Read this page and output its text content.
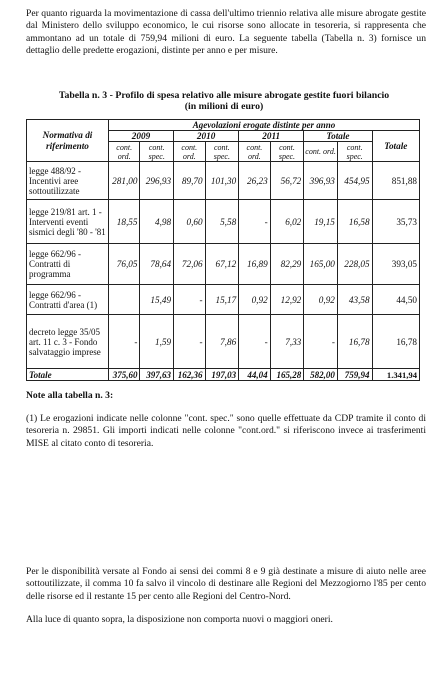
Per quanto riguarda la movimentazione di cassa dell'ultimo triennio relativa alle misure abrogate gestite dal Ministero dello sviluppo economico, le cui risorse sono allocate in tesoreria, si rappresenta che ammontano ad un totale di 759,94 milioni di euro. La seguente tabella (Tabella n. 3) fornisce un dettaglio delle predette erogazioni, distinte per anno e per misure.
Tabella n. 3 - Profilo di spesa relativo alle misure abrogate gestite fuori bilancio
(in milioni di euro)
Normativa di riferimento	Agevolazioni erogate distinte per anno								
	2009		2010		2011		Totale		Totale
	cont. ord.	cont. spec.	cont. ord.	cont. spec.	cont. ord.	cont. spec.	cont. ord.	cont. spec.	
legge 488/92 - Incentivi aree sottoutilizzate	281,00	296,93	89,70	101,30	26,23	56,72	396,93	454,95	851,88
legge 219/81 art. 1 - Interventi eventi sismici degli '80 - '81	18,55	4,98	0,60	5,58	-	6,02	19,15	16,58	35,73
legge 662/96 - Contratti di programma	76,05	78,64	72,06	67,12	16,89	82,29	165,00	228,05	393,05
legge 662/96 - Contratti d'area (1)		15,49	-	15,17	0,92	12,92	0,92	43,58	44,50
decreto legge 35/05 art. 11 c. 3 - Fondo salvataggio imprese	-	1,59	-	7,86	-	7,33	-	16,78	16,78
Totale	375,60	397,63	162,36	197,03	44,04	165,28	582,00	759,94	1.341,94
Note alla tabella n. 3:
(1) Le erogazioni indicate nelle colonne "cont. spec." sono quelle effettuate da CDP tramite il conto di tesoreria n. 29851. Gli importi indicati nelle colonne "cont.ord." si riferiscono invece ai trasferimenti MISE al citato conto di tesoreria.
Per le disponibilità versate al Fondo ai sensi dei commi 8 e 9 già destinate a misure di aiuto nelle aree sottoutilizzate, il comma 10 fa salvo il vincolo di destinare alle Regioni del Mezzogiorno l'85 per cento delle risorse ed il restante 15 per cento alle Regioni del Centro-Nord.
Alla luce di quanto sopra, la disposizione non comporta nuovi o maggiori oneri.
